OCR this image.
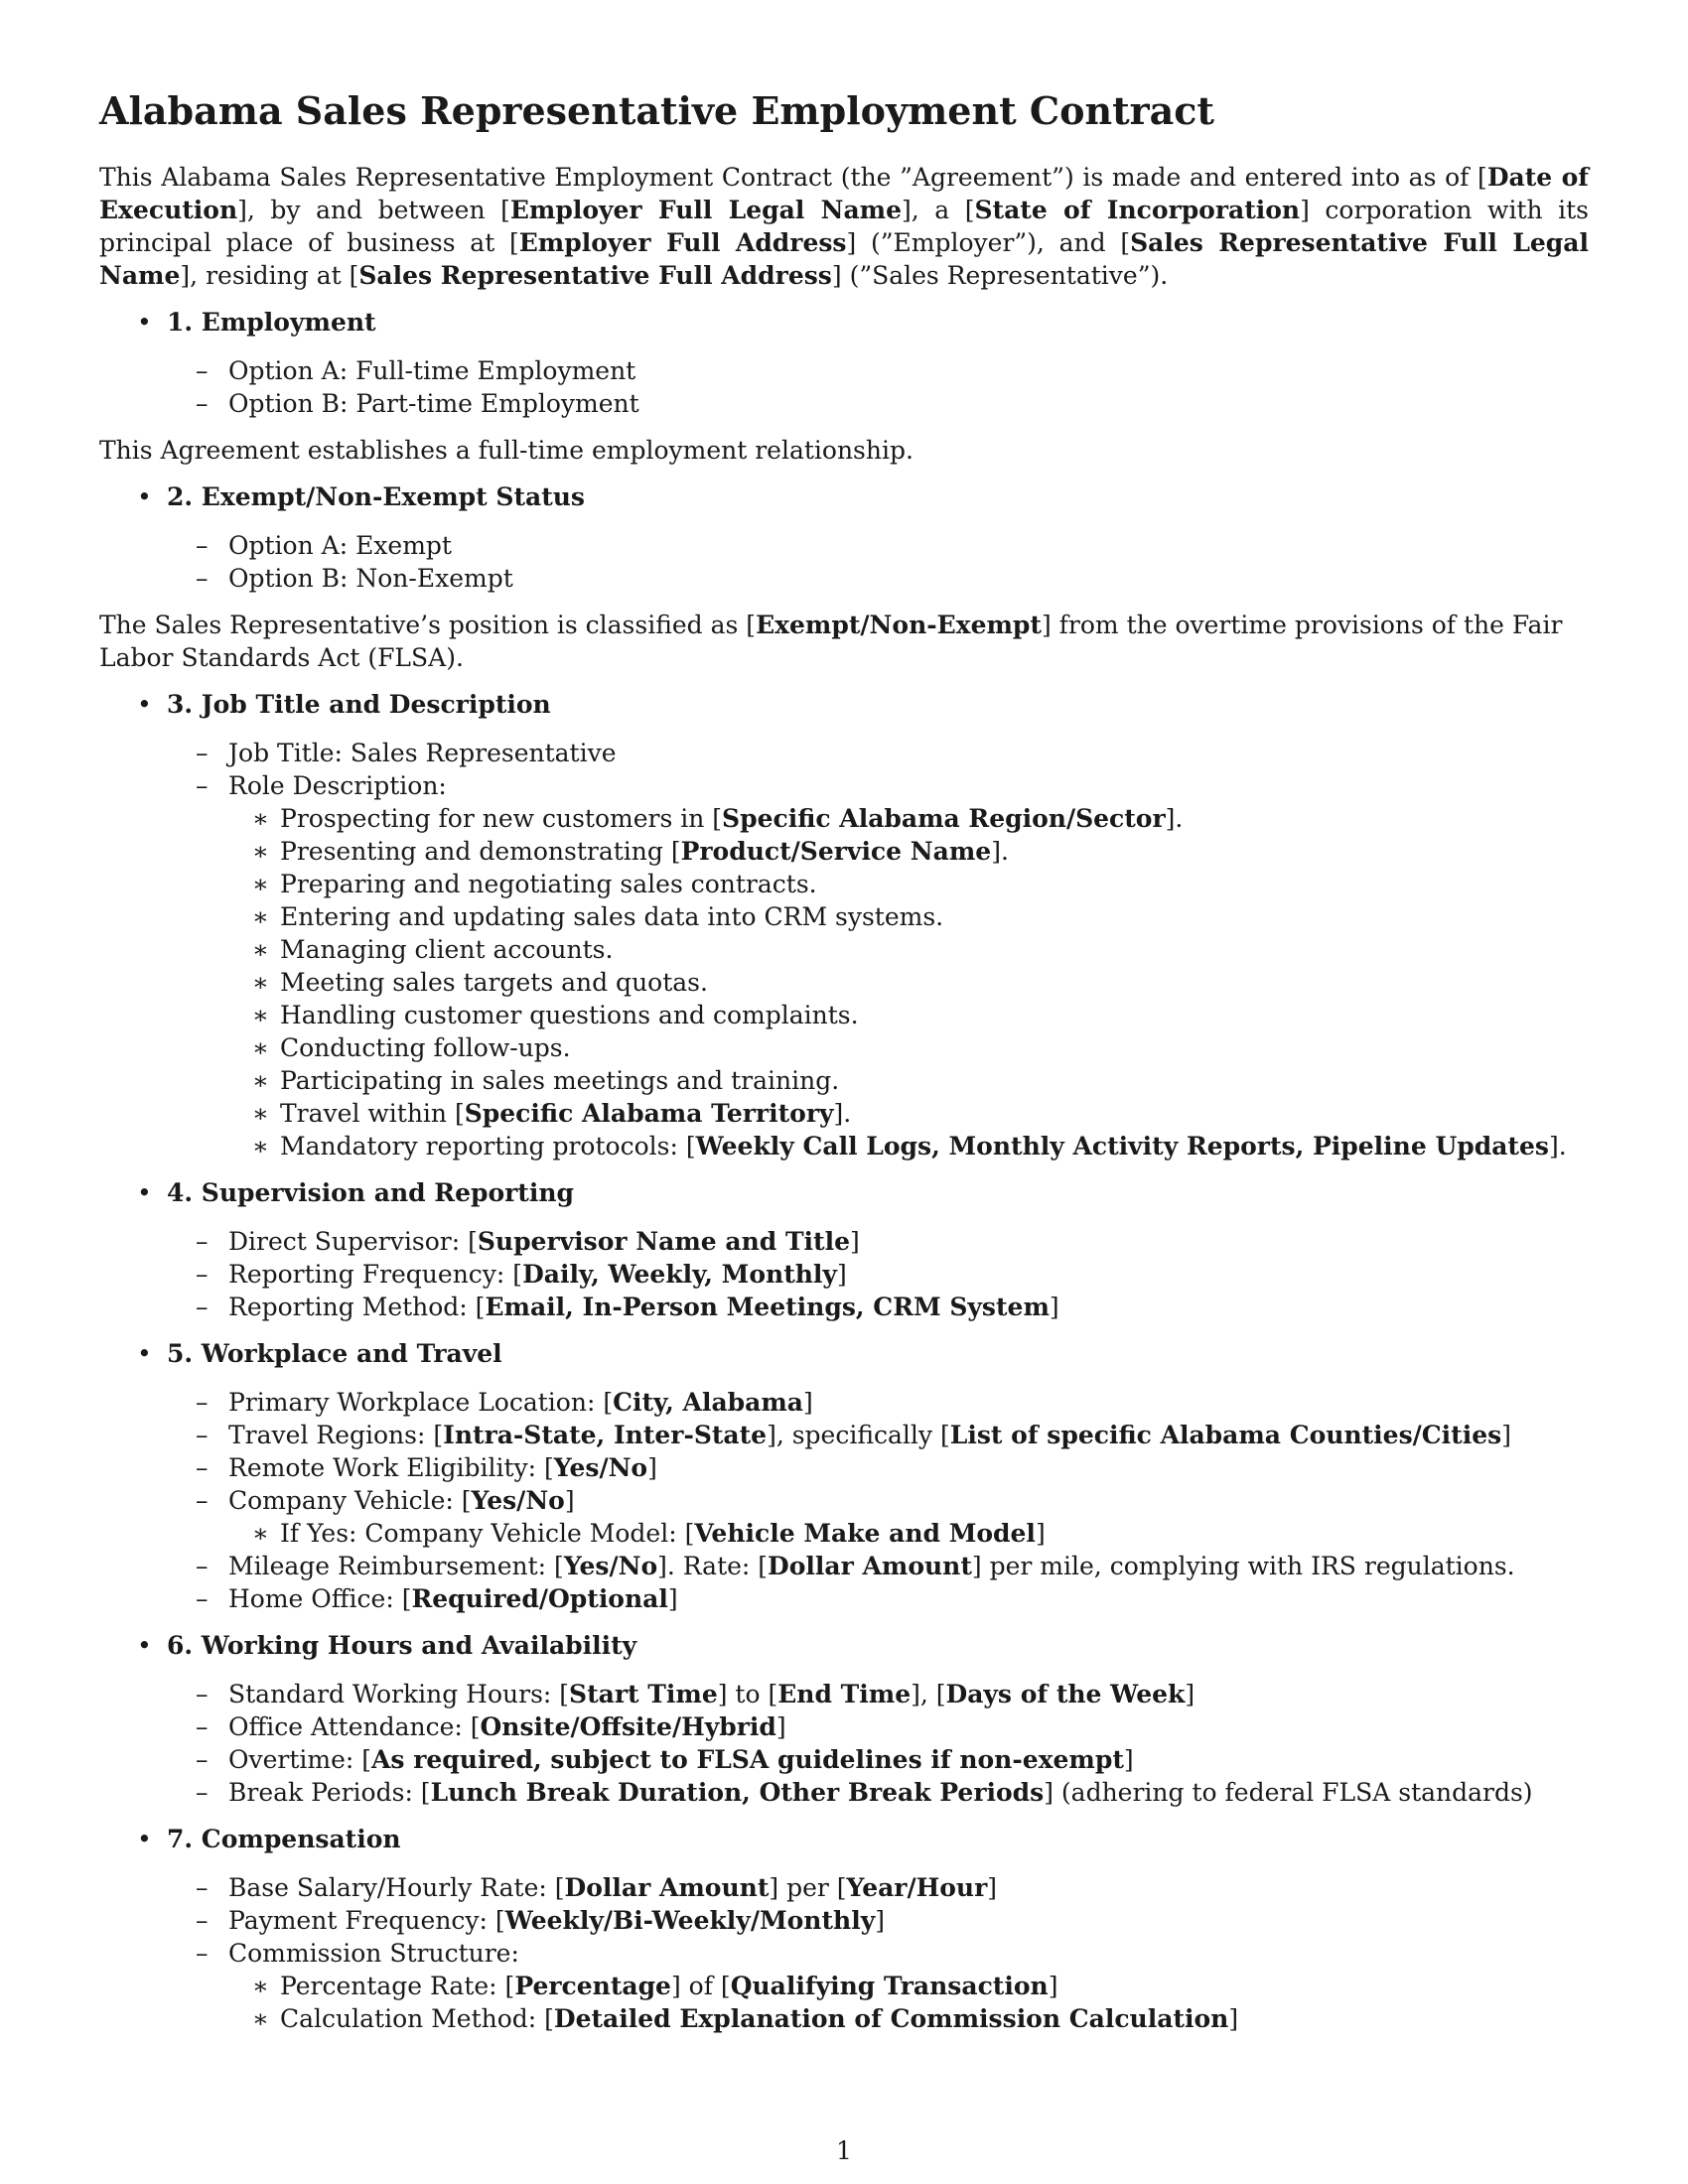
Alabama Sales Representative Employment Contract

This Alabama Sales Representative Employment Contract (the ”Agreement”) is made and entered into as of [Date of Execution], by and between [Employer Full Legal Name], a [State of Incorporation] corporation with its principal place of business at [Employer Full Address] (”Employer”), and [Sales Representative Full Legal Name], residing at [Sales Representative Full Address] (”Sales Representative”).

• 1. Employment
– Option A: Full-time Employment
– Option B: Part-time Employment

This Agreement establishes a full-time employment relationship.

• 2. Exempt/Non-Exempt Status
– Option A: Exempt
– Option B: Non-Exempt

The Sales Representative’s position is classified as [Exempt/Non-Exempt] from the overtime provisions of the Fair Labor Standards Act (FLSA).

• 3. Job Title and Description
– Job Title: Sales Representative
– Role Description:
∗ Prospecting for new customers in [Specific Alabama Region/Sector].
∗ Presenting and demonstrating [Product/Service Name].
∗ Preparing and negotiating sales contracts.
∗ Entering and updating sales data into CRM systems.
∗ Managing client accounts.
∗ Meeting sales targets and quotas.
∗ Handling customer questions and complaints.
∗ Conducting follow-ups.
∗ Participating in sales meetings and training.
∗ Travel within [Specific Alabama Territory].
∗ Mandatory reporting protocols: [Weekly Call Logs, Monthly Activity Reports, Pipeline Updates].
• 4. Supervision and Reporting
– Direct Supervisor: [Supervisor Name and Title]
– Reporting Frequency: [Daily, Weekly, Monthly]
– Reporting Method: [Email, In-Person Meetings, CRM System]
• 5. Workplace and Travel
– Primary Workplace Location: [City, Alabama]
– Travel Regions: [Intra-State, Inter-State], specifically [List of specific Alabama Counties/Cities]
– Remote Work Eligibility: [Yes/No]
– Company Vehicle: [Yes/No]
∗ If Yes: Company Vehicle Model: [Vehicle Make and Model]
– Mileage Reimbursement: [Yes/No]. Rate: [Dollar Amount] per mile, complying with IRS regulations.
– Home Office: [Required/Optional]
• 6. Working Hours and Availability
– Standard Working Hours: [Start Time] to [End Time], [Days of the Week]
– Office Attendance: [Onsite/Offsite/Hybrid]
– Overtime: [As required, subject to FLSA guidelines if non-exempt]
– Break Periods: [Lunch Break Duration, Other Break Periods] (adhering to federal FLSA standards)
• 7. Compensation
– Base Salary/Hourly Rate: [Dollar Amount] per [Year/Hour]
– Payment Frequency: [Weekly/Bi-Weekly/Monthly]
– Commission Structure:
∗ Percentage Rate: [Percentage] of [Qualifying Transaction]
∗ Calculation Method: [Detailed Explanation of Commission Calculation]
1
